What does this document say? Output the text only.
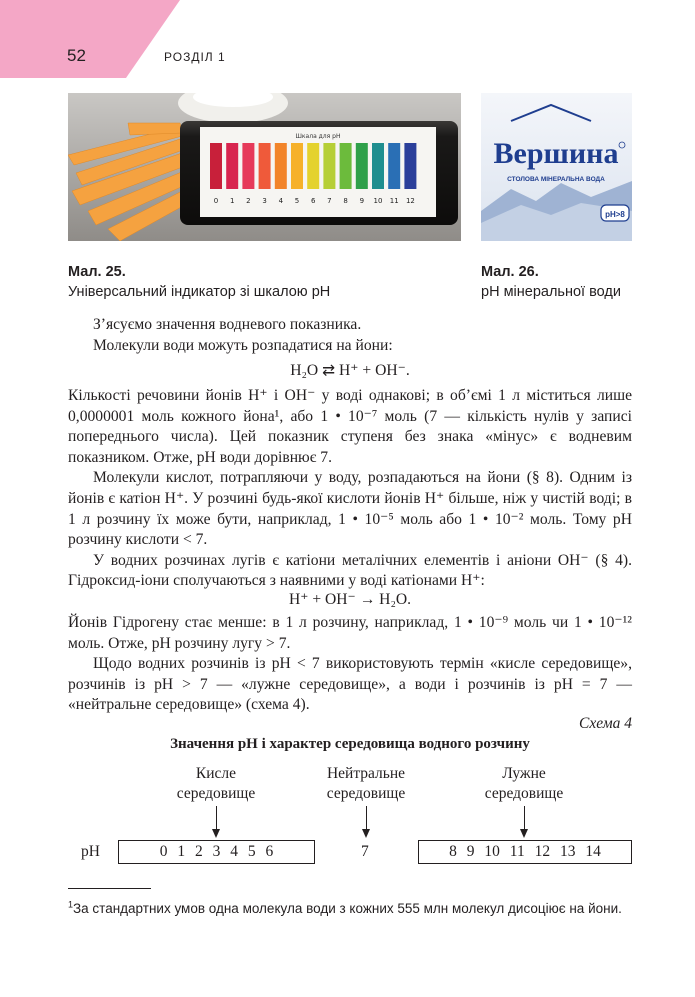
52	РОЗДІЛ 1
Шкала для рН
0 1 2 3 4 5 6 7 8 9 10 11 12
Вершина
СТОЛОВА МІНЕРАЛЬНА ВОДА
pH>8
Мал. 25.
Універсальний індикатор зі шкалою рН
Мал. 26.
рН мінеральної води

З’ясуємо значення водневого показника.

Молекули води можуть розпадатися на йони:

H₂O ⇄ H⁺ + OH⁻.

Кількості речовини йонів H⁺ і OH⁻ у воді однакові; в об’ємі 1 л міститься лише 0,0000001 моль кожного йона¹, або 1 • 10⁻⁷ моль (7 — кількість нулів у записі попереднього числа). Цей показник ступеня без знака «мінус» є водневим показником. Отже, рН води дорівнює 7.

Молекули кислот, потрапляючи у воду, розпадаються на йони (§ 8). Одним із йонів є катіон H⁺. У розчині будь-якої кислоти йонів H⁺ більше, ніж у чистій воді; в 1 л розчину їх може бути, наприклад, 1 • 10⁻⁵ моль або 1 • 10⁻² моль. Тому рН розчину кислоти < 7.

У водних розчинах лугів є катіони металічних елементів і аніони OH⁻ (§ 4). Гідроксид-іони сполучаються з наявними у воді катіонами H⁺:

H⁺ + OH⁻ → H₂O.

Йонів Гідрогену стає менше: в 1 л розчину, наприклад, 1 • 10⁻⁹ моль чи 1 • 10⁻¹² моль. Отже, рН розчину лугу > 7.

Щодо водних розчинів із рН < 7 використовують термін «кисле середовище», розчинів із рН > 7 — «лужне середовище», а води і розчинів із рН = 7 — «нейтральне середовище» (схема 4).

Схема 4
Значення рН і характер середовища водного розчину
Кисле
середовище
Нейтральне
середовище
Лужне
середовище
рН	0 1 2 3 4 5 6	7	8 9 10 11 12 13 14
$^1$За стандартних умов одна молекула води з кожних 555 млн молекул дисоціює на йони.
